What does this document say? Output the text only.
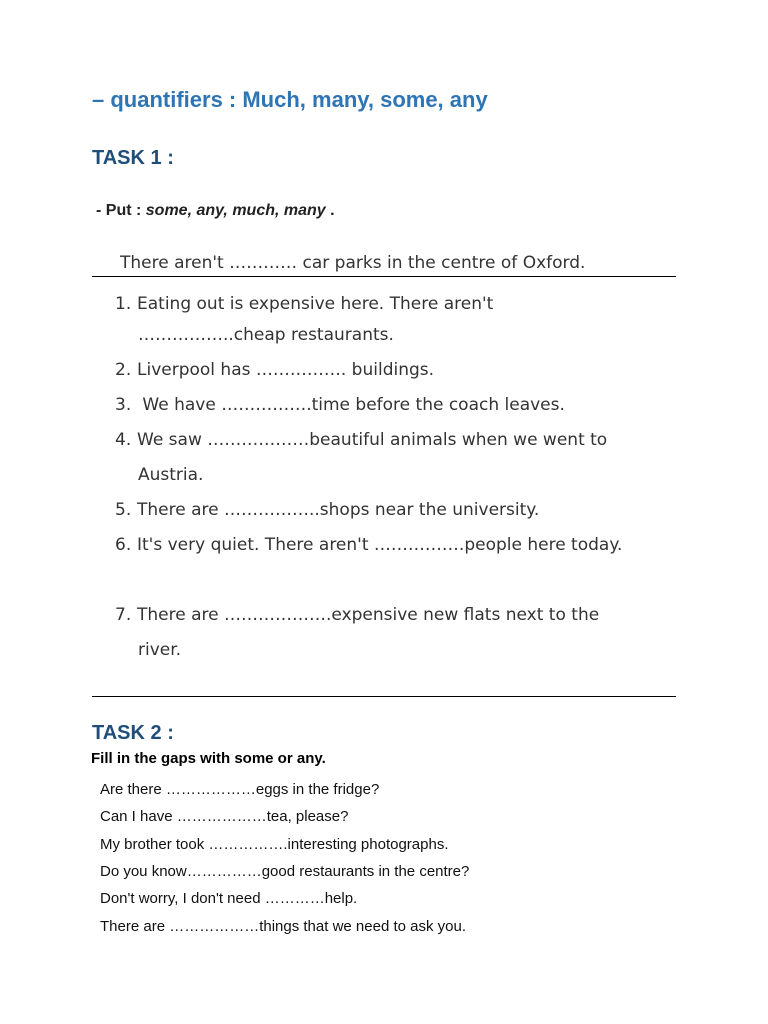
– quantifiers : Much, many, some, any
TASK 1 :
- Put : some, any, much, many .
There aren't ………… car parks in the centre of Oxford.
1. Eating out is expensive here. There aren't
……………..cheap restaurants.
2. Liverpool has ……………. buildings.
3. We have …………….time before the coach leaves.
4. We saw ………………beautiful animals when we went to
Austria.
5. There are ……………..shops near the university.
6. It's very quiet. There aren't …………….people here today.
7. There are ……………….expensive new flats next to the
river.
TASK 2 :
Fill in the gaps with some or any.
Are there ………………eggs in the fridge?
Can I have ………………tea, please?
My brother took …………….interesting photographs.
Do you know……………good restaurants in the centre?
Don't worry, I don't need …………help.
There are ………………things that we need to ask you.
